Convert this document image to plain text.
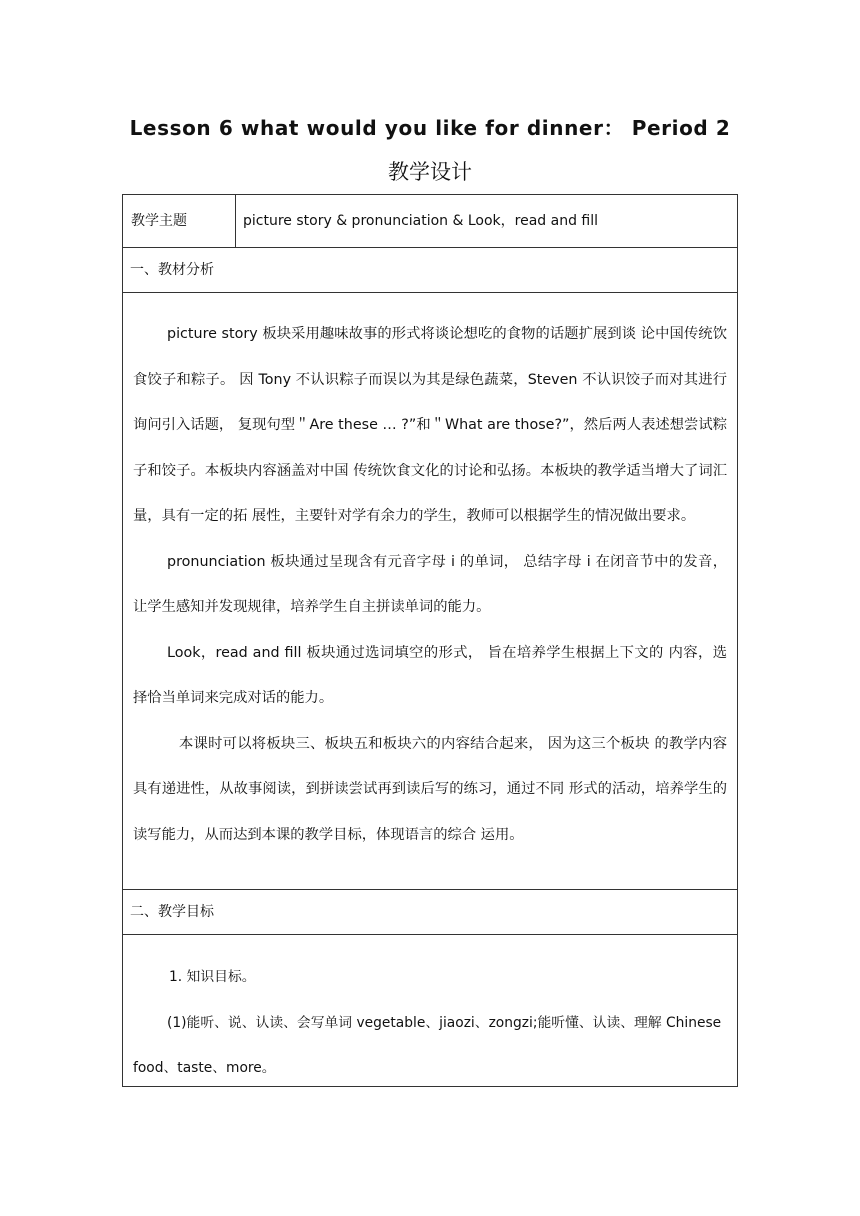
Lesson 6 what would you like for dinner： Period 2
教学设计
教学主题	picture story & pronunciation & Look，read and fill
一、教材分析

picture story 板块采用趣味故事的形式将谈论想吃的食物的话题扩展到谈 论中国传统饮食饺子和粽子。 因 Tony 不认识粽子而误以为其是绿色蔬菜，Steven 不认识饺子而对其进行询问引入话题， 复现句型＂Are these … ?”和＂What are those?”，然后两人表述想尝试粽子和饺子。本板块内容涵盖对中国 传统饮食文化的讨论和弘扬。本板块的教学适当增大了词汇量，具有一定的拓 展性，主要针对学有余力的学生，教师可以根据学生的情况做出要求。

pronunciation 板块通过呈现含有元音字母 i 的单词， 总结字母 i 在闭音节中的发音，让学生感知并发现规律，培养学生自主拼读单词的能力。

Look，read and fill 板块通过选词填空的形式， 旨在培养学生根据上下文的 内容，选择恰当单词来完成对话的能力。

本课时可以将板块三、板块五和板块六的内容结合起来， 因为这三个板块 的教学内容具有递进性，从故事阅读，到拼读尝试再到读后写的练习，通过不同 形式的活动，培养学生的读写能力，从而达到本课的教学目标，体现语言的综合 运用。

二、教学目标

1. 知识目标。

(1)能听、说、认读、会写单词 vegetable、jiaozi、zongzi;能听懂、认读、理解 Chinese food、taste、more。
